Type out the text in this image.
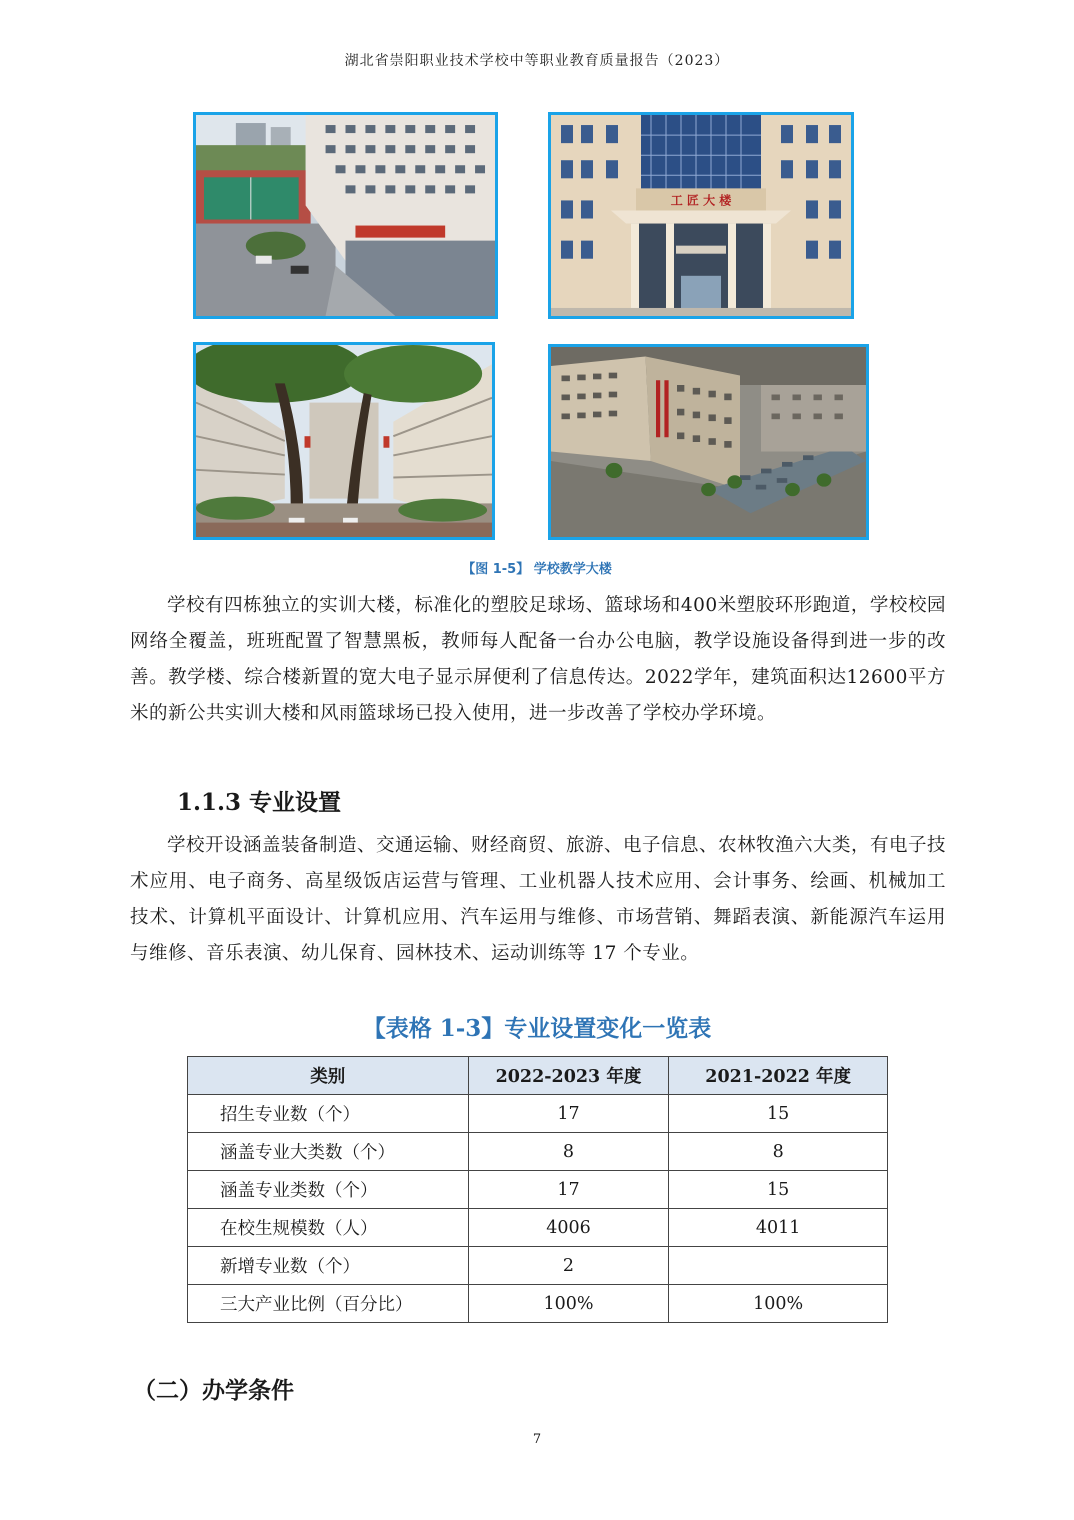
湖北省崇阳职业技术学校中等职业教育质量报告（2023）
工 匠 大 楼
【图 1-5】 学校教学大楼

学校有四栋独立的实训大楼，标准化的塑胶足球场、篮球场和400米塑胶环形跑道，学校校园网络全覆盖，班班配置了智慧黑板，教师每人配备一台办公电脑，教学设施设备得到进一步的改善。教学楼、综合楼新置的宽大电子显示屏便利了信息传达。2022学年，建筑面积达12600平方米的新公共实训大楼和风雨篮球场已投入使用，进一步改善了学校办学环境。

1.1.3 专业设置

学校开设涵盖装备制造、交通运输、财经商贸、旅游、电子信息、农林牧渔六大类，有电子技术应用、电子商务、高星级饭店运营与管理、工业机器人技术应用、会计事务、绘画、机械加工技术、计算机平面设计、计算机应用、汽车运用与维修、市场营销、舞蹈表演、新能源汽车运用与维修、音乐表演、幼儿保育、园林技术、运动训练等 17 个专业。

【表格 1-3】专业设置变化一览表
类别	2022-2023 年度	2021-2022 年度
招生专业数（个）	17	15
涵盖专业大类数（个）	8	8
涵盖专业类数（个）	17	15
在校生规模数（人）	4006	4011
新增专业数（个）	2	
三大产业比例（百分比）	100%	100%
（二）办学条件
7
